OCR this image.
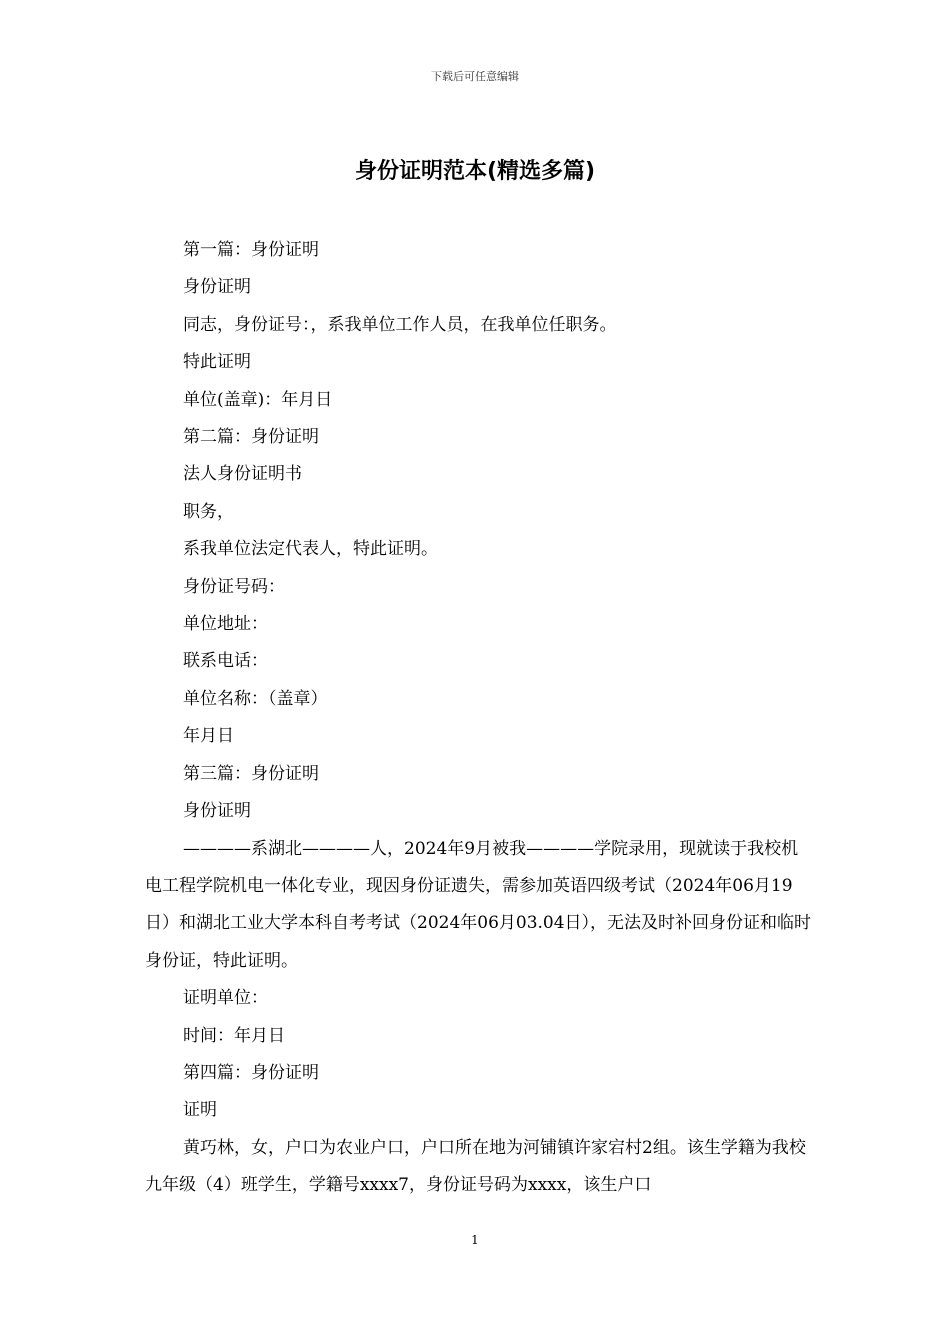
下载后可任意编辑
身份证明范本(精选多篇)

第一篇：身份证明

身份证明

同志，身份证号：，系我单位工作人员，在我单位任职务。

特此证明

单位(盖章)：年月日

第二篇：身份证明

法人身份证明书

职务，

系我单位法定代表人，特此证明。

身份证号码：

单位地址：

联系电话：

单位名称：（盖章）

年月日

第三篇：身份证明

身份证明

————系湖北————人，2024年9月被我————学院录用，现就读于我校机电工程学院机电一体化专业，现因身份证遗失，需参加英语四级考试（2024年06月19日）和湖北工业大学本科自考考试（2024年06月03.04日），无法及时补回身份证和临时身份证，特此证明。

证明单位：

时间：年月日

第四篇：身份证明

证明

黄巧林，女，户口为农业户口，户口所在地为河铺镇许家宕村2组。该生学籍为我校九年级（4）班学生，学籍号xxxx7，身份证号码为xxxx，该生户口

1
